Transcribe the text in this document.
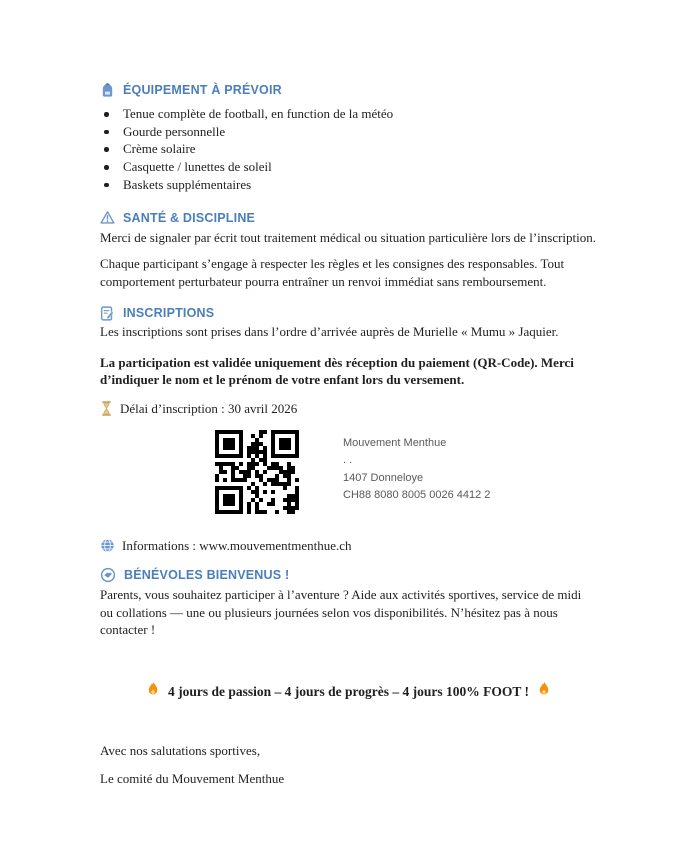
ÉQUIPEMENT À PRÉVOIR
Tenue complète de football, en function de la météo
Gourde personnelle
Crème solaire
Casquette / lunettes de soleil
Baskets supplémentaires
SANTÉ & DISCIPLINE

Merci de signaler par écrit tout traitement médical ou situation particulière lors de l’inscription.

Chaque participant s’engage à respecter les règles et les consignes des responsables. Tout comportement perturbateur pourra entraîner un renvoi immédiat sans remboursement.

INSCRIPTIONS

Les inscriptions sont prises dans l’ordre d’arrivée auprès de Murielle « Mumu » Jaquier.

La participation est validée uniquement dès réception du paiement (QR-Code). Merci d’indiquer le nom et le prénom de votre enfant lors du versement.

Délai d’inscription : 30 avril 2026
Mouvement Menthue
. .
1407 Donneloye
CH88 8080 8005 0026 4412 2
Informations : www.mouvementmenthue.ch
BÉNÉVOLES BIENVENUS !

Parents, vous souhaitez participer à l’aventure ? Aide aux activités sportives, service de midi ou collations — une ou plusieurs journées selon vos disponibilités. N’hésitez pas à nous contacter !

4 jours de passion – 4 jours de progrès – 4 jours 100% FOOT !

Avec nos salutations sportives,

Le comité du Mouvement Menthue
